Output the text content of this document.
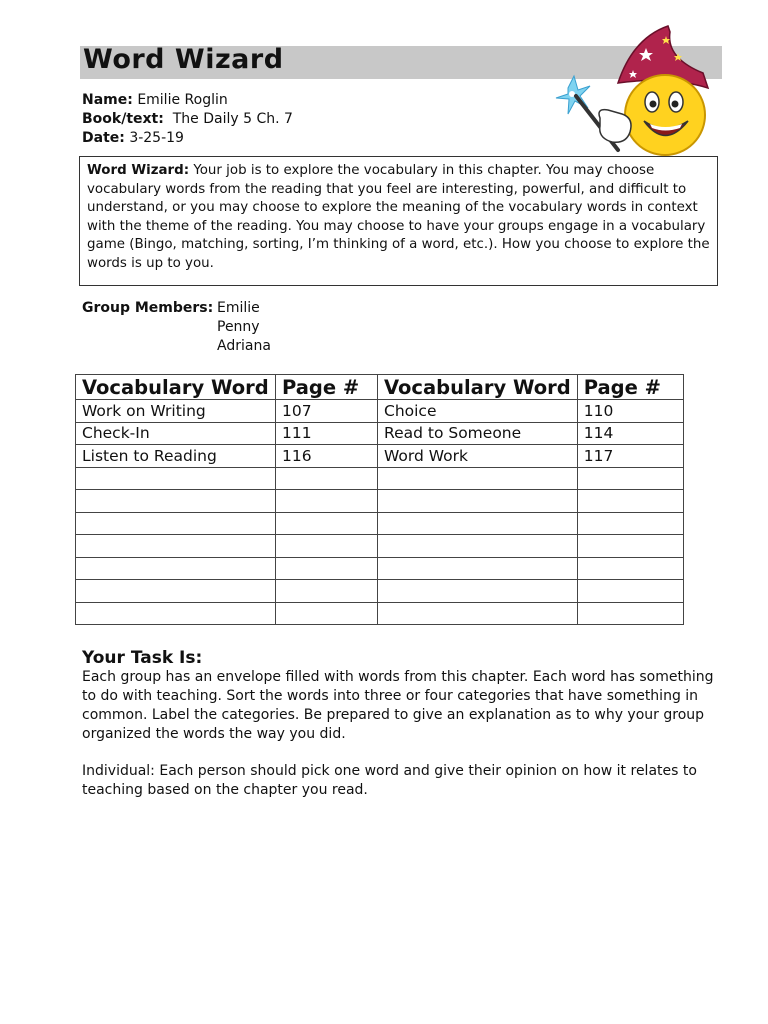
Word Wizard
Name: Emilie Roglin
Book/text: The Daily 5 Ch. 7
Date: 3-25-19
Word Wizard: Your job is to explore the vocabulary in this chapter. You may choose vocabulary words from the reading that you feel are interesting, powerful, and difficult to understand, or you may choose to explore the meaning of the vocabulary words in context with the theme of the reading. You may choose to have your groups engage in a vocabulary game (Bingo, matching, sorting, I’m thinking of a word, etc.). How you choose to explore the words is up to you.
Group Members: Emilie
Penny
Adriana
Vocabulary Word	Page #	Vocabulary Word	Page #
Work on Writing	107	Choice	110
Check-In	111	Read to Someone	114
Listen to Reading	116	Word Work	117

Your Task Is:

Each group has an envelope filled with words from this chapter. Each word has something to do with teaching. Sort the words into three or four categories that have something in common. Label the categories. Be prepared to give an explanation as to why your group organized the words the way you did.

Individual: Each person should pick one word and give their opinion on how it relates to teaching based on the chapter you read.
